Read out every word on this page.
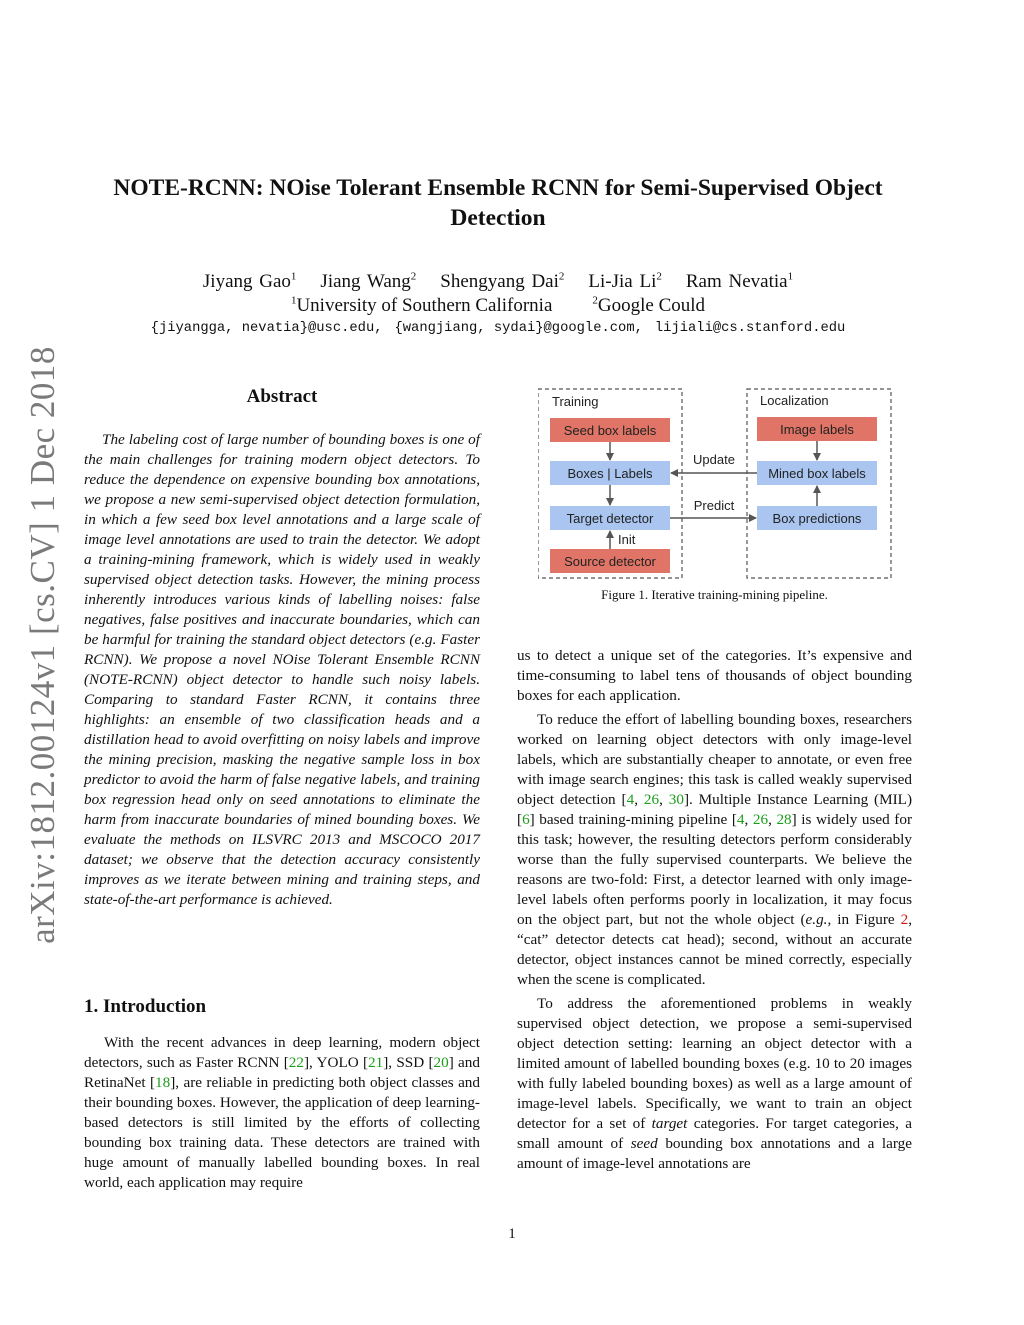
arXiv:1812.00124v1 [cs.CV] 1 Dec 2018
NOTE-RCNN: NOise Tolerant Ensemble RCNN for Semi-Supervised Object Detection
Jiyang Gao$^1$ Jiang Wang$^2$ Shengyang Dai$^2$ Li-Jia Li$^2$ Ram Nevatia$^1$
$^1$University of Southern California	$^2$Google Could
{jiyangga, nevatia}@usc.edu, {wangjiang, sydai}@google.com, lijiali@cs.stanford.edu
Abstract
The labeling cost of large number of bounding boxes is one of the main challenges for training modern object detectors. To reduce the dependence on expensive bounding box annotations, we propose a new semi-supervised object detection formulation, in which a few seed box level annotations and a large scale of image level annotations are used to train the detector. We adopt a training-mining framework, which is widely used in weakly supervised object detection tasks. However, the mining process inherently introduces various kinds of labelling noises: false negatives, false positives and inaccurate boundaries, which can be harmful for training the standard object detectors (e.g. Faster RCNN). We propose a novel NOise Tolerant Ensemble RCNN (NOTE-RCNN) object detector to handle such noisy labels. Comparing to standard Faster RCNN, it contains three highlights: an ensemble of two classification heads and a distillation head to avoid overfitting on noisy labels and improve the mining precision, masking the negative sample loss in box predictor to avoid the harm of false negative labels, and training box regression head only on seed annotations to eliminate the harm from inaccurate boundaries of mined bounding boxes. We evaluate the methods on ILSVRC 2013 and MSCOCO 2017 dataset; we observe that the detection accuracy consistently improves as we iterate between mining and training steps, and state-of-the-art performance is achieved.
1. Introduction
With the recent advances in deep learning, modern object detectors, such as Faster RCNN [22], YOLO [21], SSD [20] and RetinaNet [18], are reliable in predicting both object classes and their bounding boxes. However, the application of deep learning-based detectors is still limited by the efforts of collecting bounding box training data. These detectors are trained with huge amount of manually labelled bounding boxes. In real world, each application may require
Training	Localization
Seed box labels
Boxes | Labels
Target detector
Source detector
Image labels
Mined box labels
Box predictions
Init
Update
Predict
Figure 1. Iterative training-mining pipeline.

us to detect a unique set of the categories. It’s expensive and time-consuming to label tens of thousands of object bounding boxes for each application.

To reduce the effort of labelling bounding boxes, researchers worked on learning object detectors with only image-level labels, which are substantially cheaper to annotate, or even free with image search engines; this task is called weakly supervised object detection [4, 26, 30]. Multiple Instance Learning (MIL) [6] based training-mining pipeline [4, 26, 28] is widely used for this task; however, the resulting detectors perform considerably worse than the fully supervised counterparts. We believe the reasons are two-fold: First, a detector learned with only image-level labels often performs poorly in localization, it may focus on the object part, but not the whole object (e.g., in Figure 2, “cat” detector detects cat head); second, without an accurate detector, object instances cannot be mined correctly, especially when the scene is complicated.

To address the aforementioned problems in weakly supervised object detection, we propose a semi-supervised object detection setting: learning an object detector with a limited amount of labelled bounding boxes (e.g. 10 to 20 images with fully labeled bounding boxes) as well as a large amount of image-level labels. Specifically, we want to train an object detector for a set of target categories. For target categories, a small amount of seed bounding box annotations and a large amount of image-level annotations are

1
